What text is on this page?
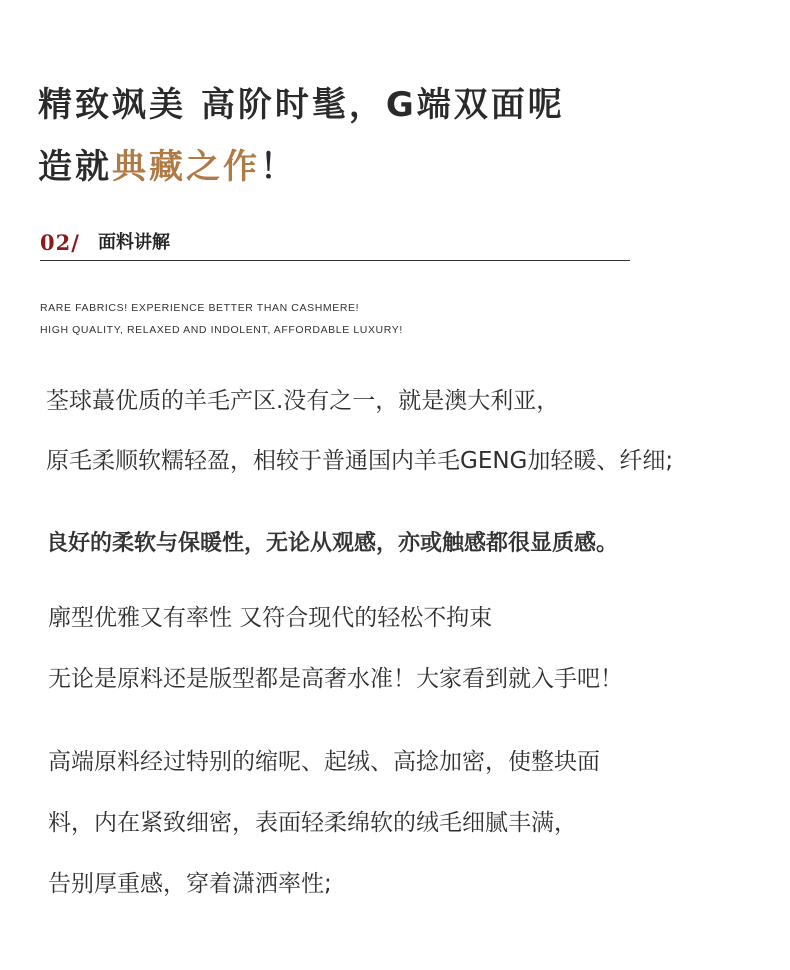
精致飒美 高阶时髦，G端双面呢
造就典藏之作！
02/ 面料讲解
RARE FABRICS! EXPERIENCE BETTER THAN CASHMERE!
HIGH QUALITY, RELAXED AND INDOLENT, AFFORDABLE LUXURY!
荃球蕞优质的羊毛产区.没有之一，就是澳大利亚，
原毛柔顺软糯轻盈，相较于普通国内羊毛GENG加轻暖、纤细;
良好的柔软与保暖性，无论从观感，亦或触感都很显质感。
廓型优雅又有率性 又符合现代的轻松不拘束
无论是原料还是版型都是高奢水准！大家看到就入手吧！
高端原料经过特别的缩呢、起绒、高捻加密，使整块面
料，内在紧致细密，表面轻柔绵软的绒毛细腻丰满，
告别厚重感，穿着潇洒率性;
